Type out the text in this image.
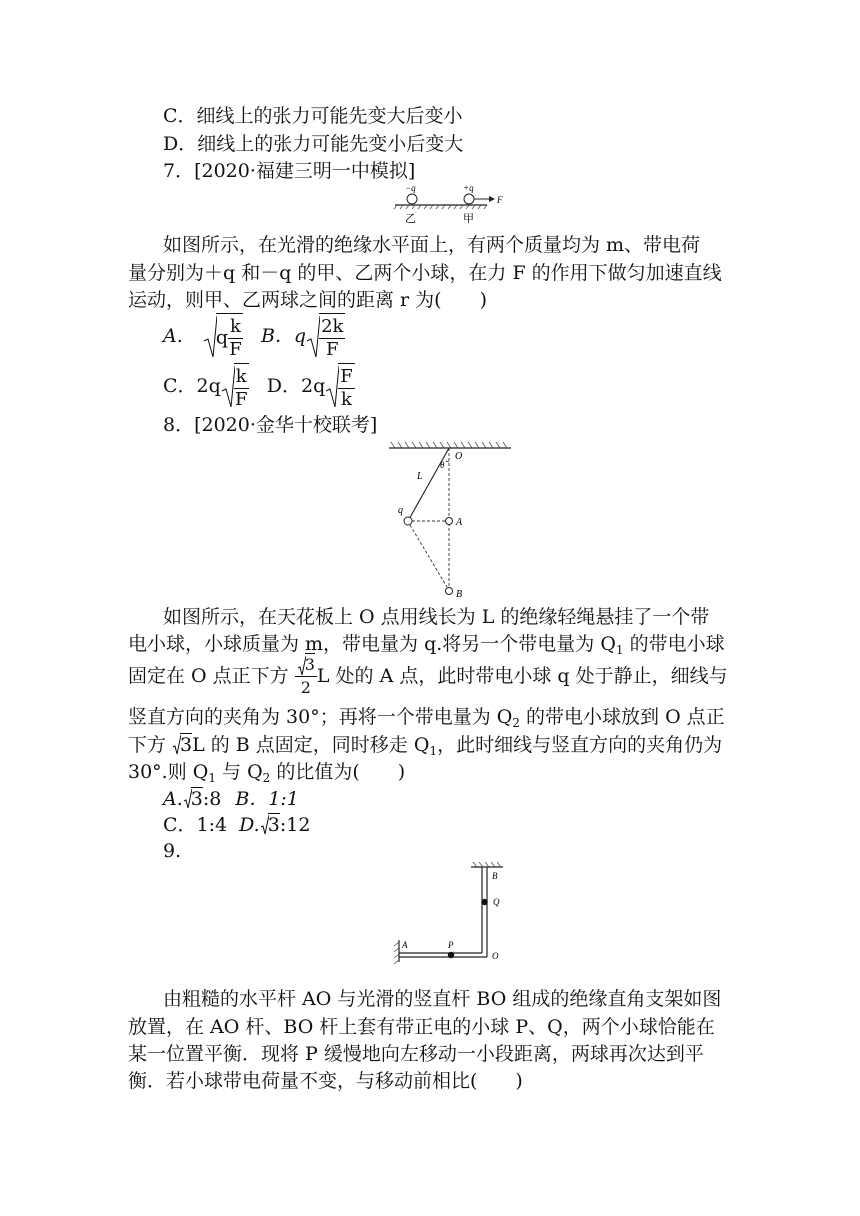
C．细线上的张力可能先变大后变小
D．细线上的张力可能先变小后变大
7．[2020·福建三明一中模拟]
−q	+q
F
乙	甲
如图所示，在光滑的绝缘水平面上，有两个质量均为 m、带电荷
量分别为＋q 和－q 的甲、乙两个小球，在力 F 的作用下做匀加速直线
运动，则甲、乙两球之间的距离 r 为(　　)
A. q $\frac{k}{F}$ B．q $\frac{2k}{F}$
C．$2q \frac{k}{F}$ D．$2q \frac{F}{k}$
8．[2020·金华十校联考]
O
θ
L
q
A
B
如图所示，在天花板上 O 点用线长为 L 的绝缘轻绳悬挂了一个带
电小球，小球质量为 m，带电量为 q.将另一个带电量为 $Q_1$ 的带电小球
固定在 O 点正下方 $\frac{3}{2}$ L 处的 A 点，此时带电小球 q 处于静止，细线与
竖直方向的夹角为 30°；再将一个带电量为 $Q_2$ 的带电小球放到 O 点正
下方 3L 的 B 点固定，同时移走 $Q_1$，此时细线与竖直方向的夹角仍为
30°.则 $Q_1$ 与 $Q_2$ 的比值为(　　)
A. 3:8 B．1:1
C．1:4 D. 3:12
9.
A	P
O
Q
B
由粗糙的水平杆 AO 与光滑的竖直杆 BO 组成的绝缘直角支架如图
放置，在 AO 杆、BO 杆上套有带正电的小球 P、Q，两个小球恰能在
某一位置平衡．现将 P 缓慢地向左移动一小段距离，两球再次达到平
衡．若小球带电荷量不变，与移动前相比(　　)
